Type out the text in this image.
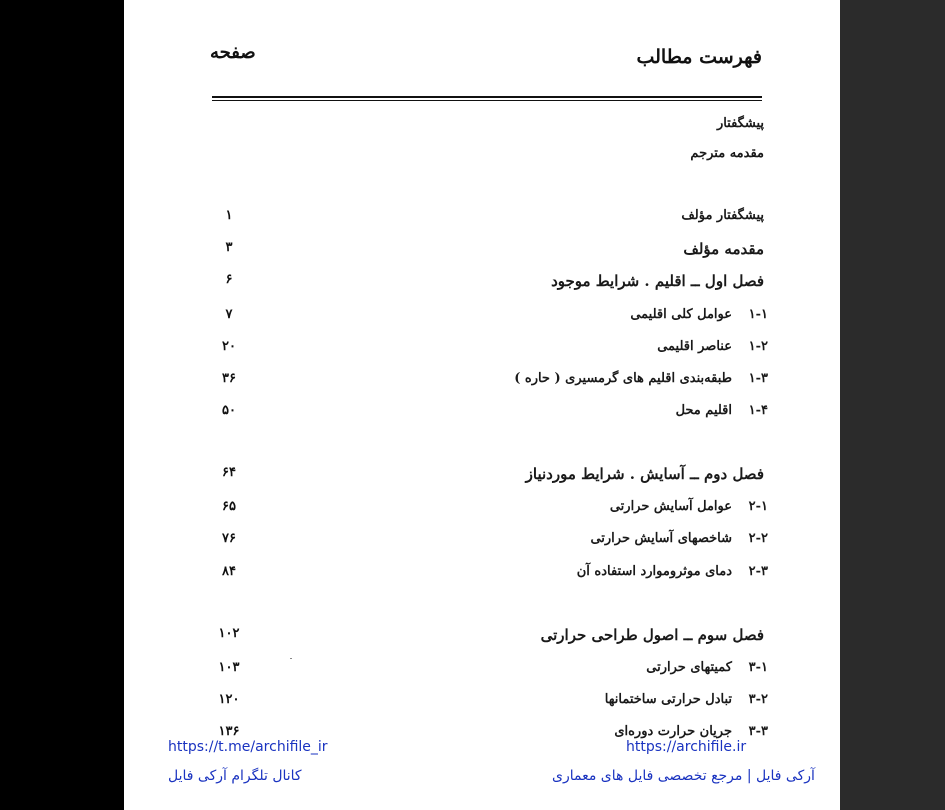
فهرست مطالب
صفحه
پیشگفتار
مقدمه مترجم
پیشگفتار مؤلف
۱
مقدمه مؤلف
۳
فصل اول ــ اقلیم . شرایط موجود
۶
۱-۱عوامل کلی اقلیمی
۷
۱-۲عناصر اقلیمی
۲۰
۱-۳طبقه‌بندی اقلیم های گرمسیری ( حاره )
۳۶
۱-۴اقلیم محل
۵۰
فصل دوم ــ آسایش . شرایط موردنیاز
۶۴
۲-۱عوامل آسایش حرارتی
۶۵
۲-۲شاخصهای آسایش حرارتی
۷۶
۲-۳دمای موثروموارد استفاده آن
۸۴
فصل سوم ــ اصول طراحی حرارتی
۱۰۲
۳-۱کمیتهای حرارتی
۱۰۳
۳-۲تبادل حرارتی ساختمانها
۱۲۰
۳-۳جریان حرارت دوره‌ای
۱۳۶
https://t.me/archifile_ir	https://archifile.ir
کانال تلگرام آرکی فایل	آرکی فایل | مرجع تخصصی فایل های معماری
